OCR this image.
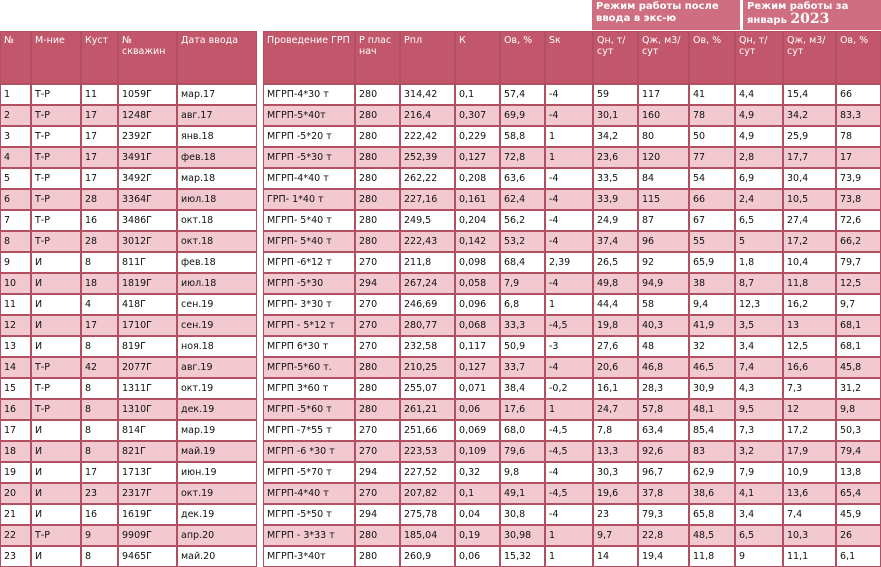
Режим работы после ввода в экс-ю
Режим работы за январь 2023
№	М-ние	Куст	№ скважин	Дата ввода		Проведение ГРП	Р плас нач	Рпл	К	Ов, %	Sк	Qн, т/сут	Qж, м3/сут	Ов, %	Qн, т/сут	Qж, м3/сут	Ов, %
1	Т-Р	11	1059Г	мар.17		МГРП-4*30 т	280	314,42	0,1	57,4	-4	59	117	41	4,4	15,4	66
2	Т-Р	17	1248Г	авг.17		МГРП-5*40т	280	216,4	0,307	69,9	-4	30,1	160	78	4,9	34,2	83,3
3	Т-Р	17	2392Г	янв.18		МГРП -5*20 т	280	222,42	0,229	58,8	1	34,2	80	50	4,9	25,9	78
4	Т-Р	17	3491Г	фев.18		МГРП -5*30 т	280	252,39	0,127	72,8	1	23,6	120	77	2,8	17,7	17
5	Т-Р	17	3492Г	мар.18		МГРП-4*40 т	280	262,22	0,208	63,6	-4	33,5	84	54	6,9	30,4	73,9
6	Т-Р	28	3364Г	июл.18		ГРП- 1*40 т	280	227,16	0,161	62,4	-4	33,9	115	66	2,4	10,5	73,8
7	Т-Р	16	3486Г	окт.18		МГРП- 5*40 т	280	249,5	0,204	56,2	-4	24,9	87	67	6,5	27,4	72,6
8	Т-Р	28	3012Г	окт.18		МГРП- 5*40 т	280	222,43	0,142	53,2	-4	37,4	96	55	5	17,2	66,2
9	И	8	811Г	фев.18		МГРП -6*12 т	270	211,8	0,098	68,4	2,39	26,5	92	65,9	1,8	10,4	79,7
10	И	18	1819Г	июл.18		МГРП -5*30	294	267,24	0,058	7,9	-4	49,8	94,9	38	8,7	11,8	12,5
11	И	4	418Г	сен.19		МГРП- 3*30 т	270	246,69	0,096	6,8	1	44,4	58	9,4	12,3	16,2	9,7
12	И	17	1710Г	сен.19		МГРП - 5*12 т	270	280,77	0,068	33,3	-4,5	19,8	40,3	41,9	3,5	13	68,1
13	И	8	819Г	ноя.18		МГРП 6*30 т	270	232,58	0,117	50,9	-3	27,6	48	32	3,4	12,5	68,1
14	Т-Р	42	2077Г	авг.19		МГРП-5*60 т.	280	210,25	0,127	33,7	-4	20,6	46,8	46,5	7,4	16,6	45,8
15	Т-Р	8	1311Г	окт.19		МГРП 3*60 т	280	255,07	0,071	38,4	-0,2	16,1	28,3	30,9	4,3	7,3	31,2
16	Т-Р	8	1310Г	дек.19		МГРП -5*60 т	280	261,21	0,06	17,6	1	24,7	57,8	48,1	9,5	12	9,8
17	И	8	814Г	мар.19		МГРП -7*55 т	270	251,66	0,069	68,0	-4,5	7,8	63,4	85,4	7,3	17,2	50,3
18	И	8	821Г	май.19		МГРП -6 *30 т	270	223,53	0,109	79,6	-4,5	13,3	92,6	83	3,2	17,9	79,4
19	И	17	1713Г	июн.19		МГРП -5*70 т	294	227,52	0,32	9,8	-4	30,3	96,7	62,9	7,9	10,9	13,8
20	И	23	2317Г	окт.19		МГРП-4*40 т	270	207,82	0,1	49,1	-4,5	19,6	37,8	38,6	4,1	13,6	65,4
21	И	16	1619Г	дек.19		МГРП -5*50 т	294	275,78	0,04	30,8	-4	23	79,3	65,8	3,4	7,4	45,9
22	Т-Р	9	9909Г	апр.20		МГРП - 3*33 т	280	185,04	0,19	30,98	1	9,7	22,8	48,5	6,5	10,3	26
23	И	8	9465Г	май.20		МГРП-3*40т	280	260,9	0,06	15,32	1	14	19,4	11,8	9	11,1	6,1
